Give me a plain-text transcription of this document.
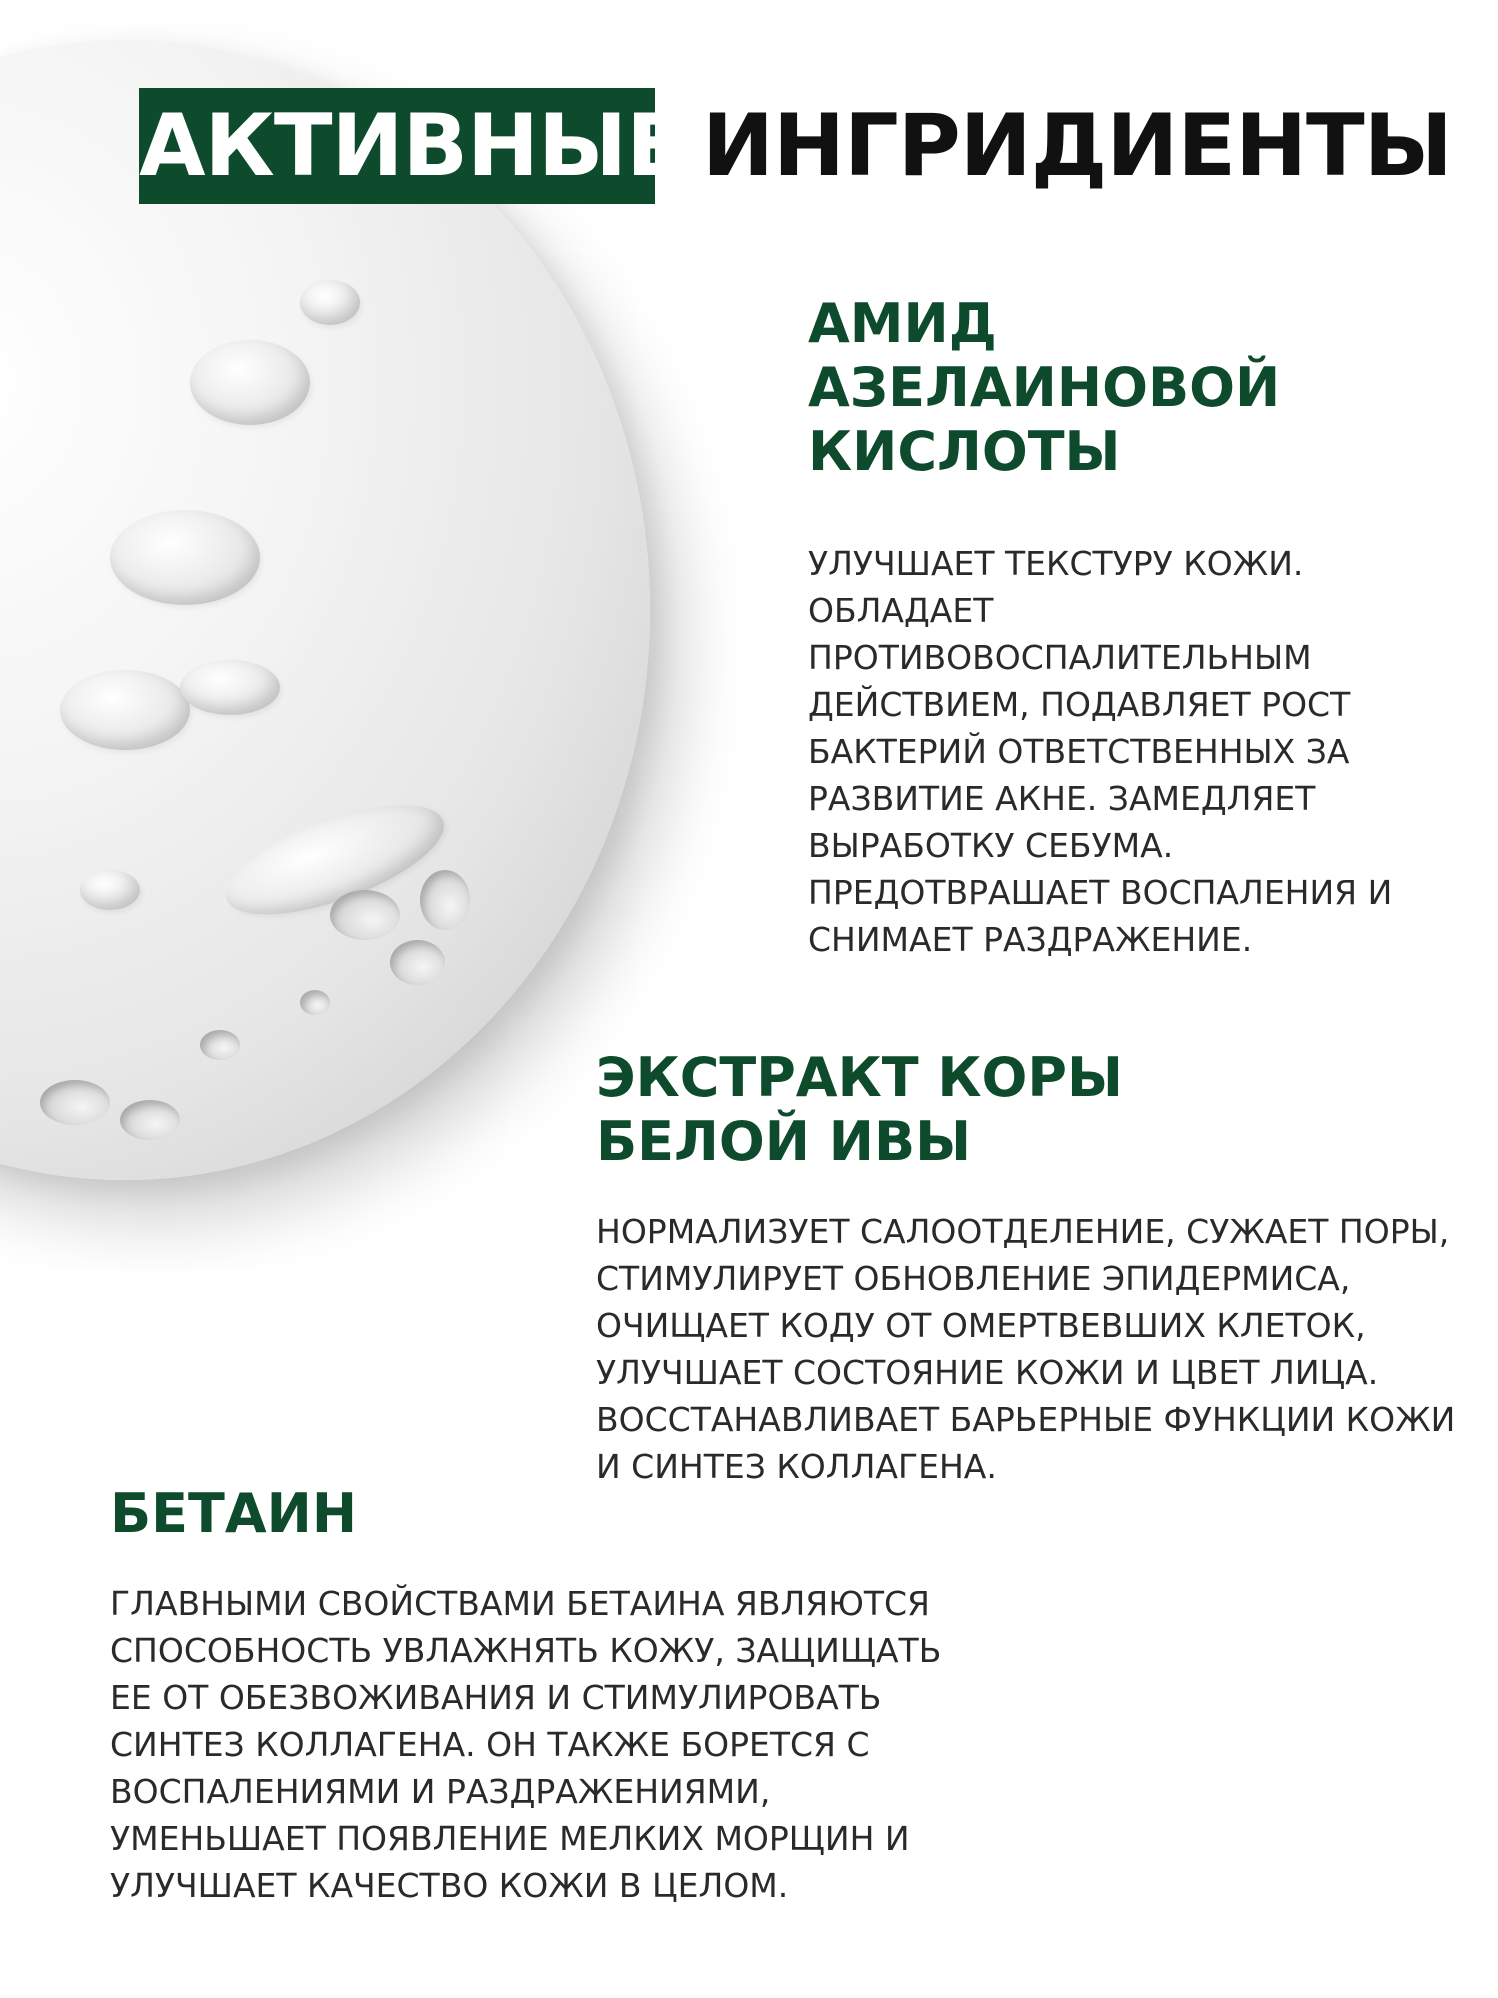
АКТИВНЫЕ ИНГРИДИЕНТЫ
АМИД
АЗЕЛАИНОВОЙ
КИСЛОТЫ

УЛУЧШАЕТ ТЕКСТУРУ КОЖИ.
ОБЛАДАЕТ
ПРОТИВОВОСПАЛИТЕЛЬНЫМ
ДЕЙСТВИЕМ, ПОДАВЛЯЕТ РОСТ
БАКТЕРИЙ ОТВЕТСТВЕННЫХ ЗА
РАЗВИТИЕ АКНЕ. ЗАМЕДЛЯЕТ
ВЫРАБОТКУ СЕБУМА.
ПРЕДОТВРАШАЕТ ВОСПАЛЕНИЯ И
СНИМАЕТ РАЗДРАЖЕНИЕ.

ЭКСТРАКТ КОРЫ
БЕЛОЙ ИВЫ

НОРМАЛИЗУЕТ САЛООТДЕЛЕНИЕ, СУЖАЕТ ПОРЫ,
СТИМУЛИРУЕТ ОБНОВЛЕНИЕ ЭПИДЕРМИСА,
ОЧИЩАЕТ КОДУ ОТ ОМЕРТВЕВШИХ КЛЕТОК,
УЛУЧШАЕТ СОСТОЯНИЕ КОЖИ И ЦВЕТ ЛИЦА.
ВОССТАНАВЛИВАЕТ БАРЬЕРНЫЕ ФУНКЦИИ КОЖИ
И СИНТЕЗ КОЛЛАГЕНА.

БЕТАИН

ГЛАВНЫМИ СВОЙСТВАМИ БЕТАИНА ЯВЛЯЮТСЯ
СПОСОБНОСТЬ УВЛАЖНЯТЬ КОЖУ, ЗАЩИЩАТЬ
ЕЕ ОТ ОБЕЗВОЖИВАНИЯ И СТИМУЛИРОВАТЬ
СИНТЕЗ КОЛЛАГЕНА. ОН ТАКЖЕ БОРЕТСЯ С
ВОСПАЛЕНИЯМИ И РАЗДРАЖЕНИЯМИ,
УМЕНЬШАЕТ ПОЯВЛЕНИЕ МЕЛКИХ МОРЩИН И
УЛУЧШАЕТ КАЧЕСТВО КОЖИ В ЦЕЛОМ.
